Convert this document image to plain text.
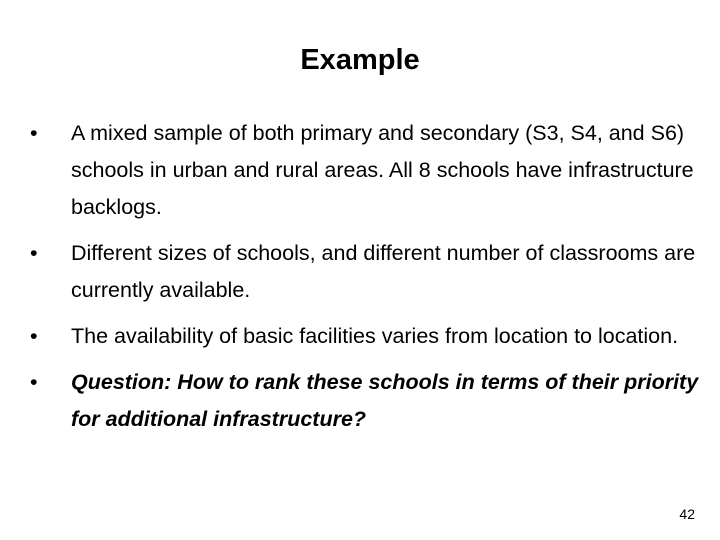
Example
•	A mixed sample of both primary and secondary (S3, S4, and S6) schools in urban and rural areas. All 8 schools have infrastructure backlogs.
•	Different sizes of schools, and different number of classrooms are currently available.
•	The availability of basic facilities varies from location to location.
•	Question: How to rank these schools in terms of their priority for additional infrastructure?
42
